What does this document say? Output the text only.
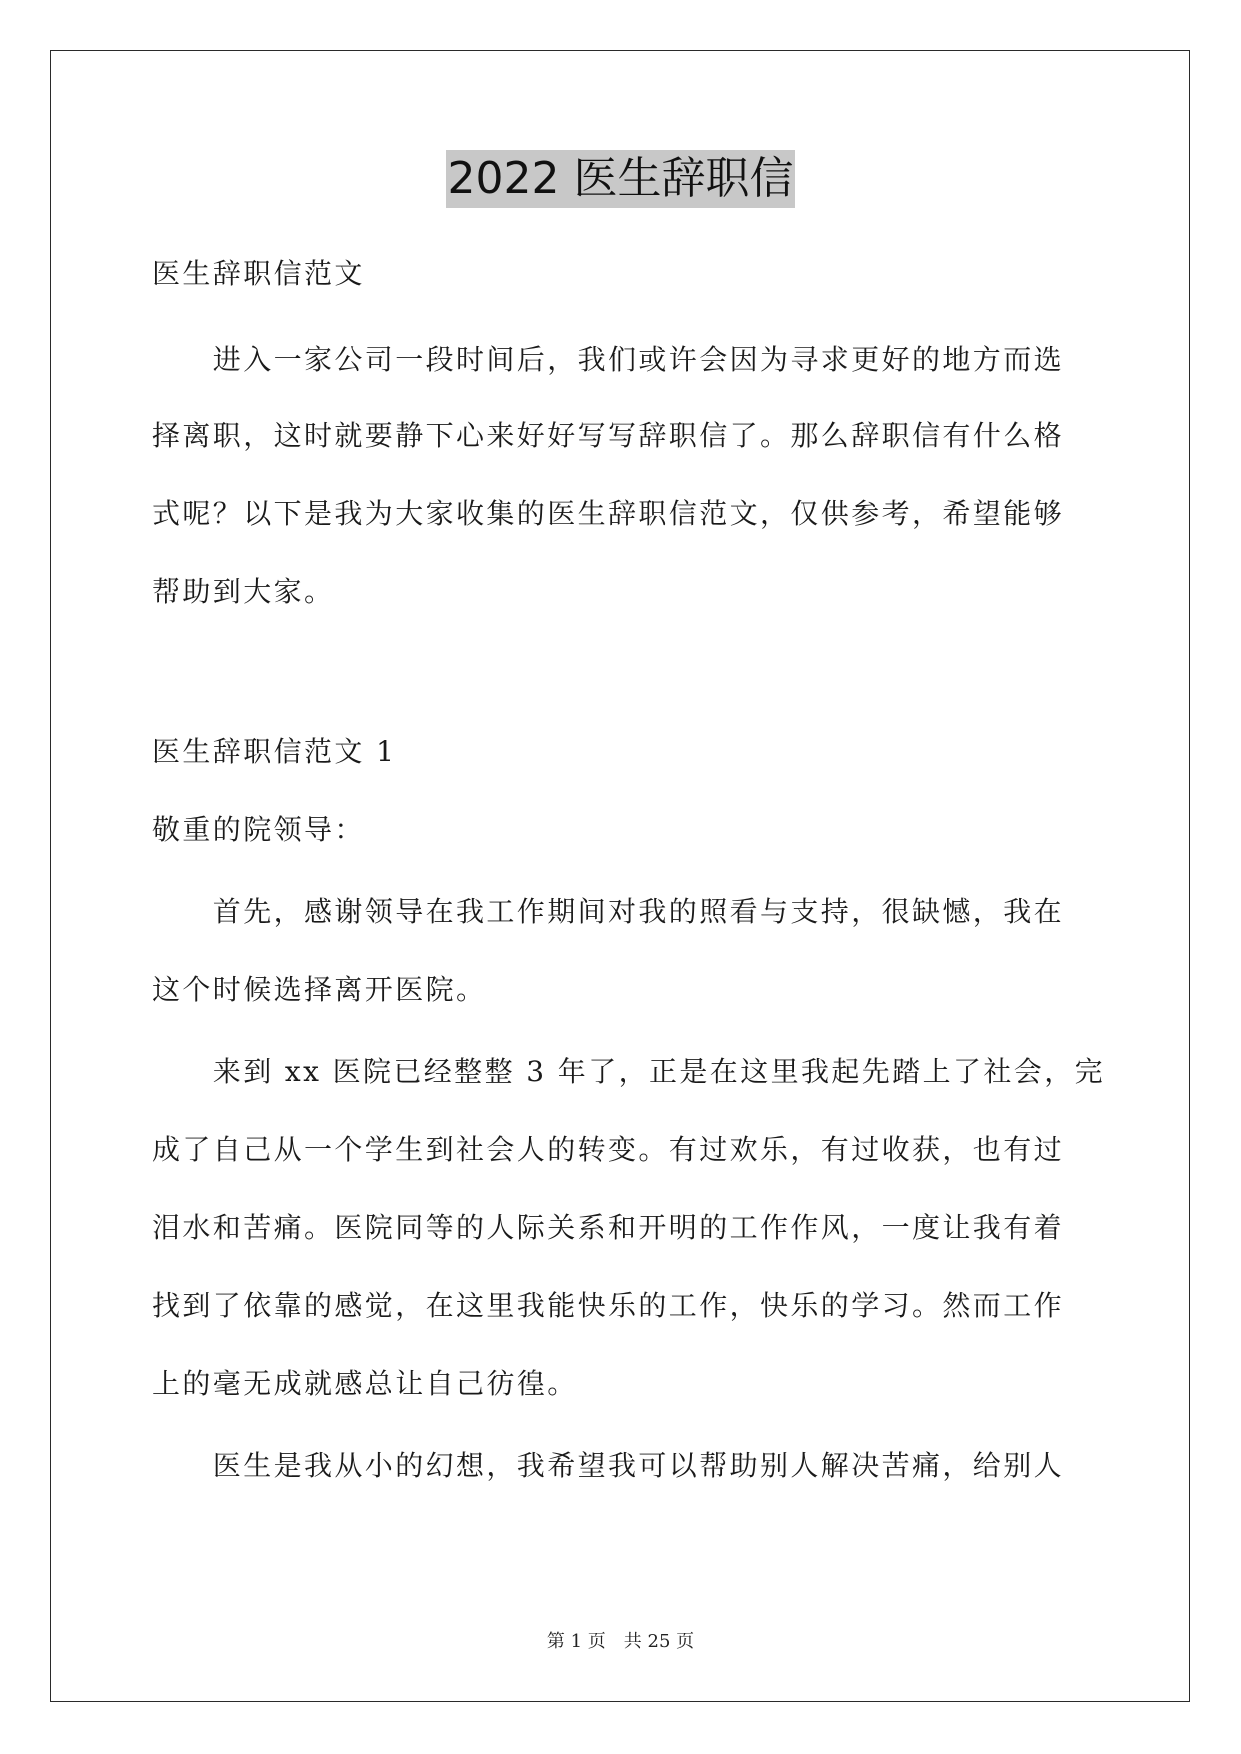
2022 医生辞职信
医生辞职信范文
　　进入一家公司一段时间后，我们或许会因为寻求更好的地方而选
择离职，这时就要静下心来好好写写辞职信了。那么辞职信有什么格
式呢？以下是我为大家收集的医生辞职信范文，仅供参考，希望能够
帮助到大家。
医生辞职信范文 1
敬重的院领导：
　　首先，感谢领导在我工作期间对我的照看与支持，很缺憾，我在
这个时候选择离开医院。
　　来到 xx 医院已经整整 3 年了，正是在这里我起先踏上了社会，完
成了自己从一个学生到社会人的转变。有过欢乐，有过收获，也有过
泪水和苦痛。医院同等的人际关系和开明的工作作风，一度让我有着
找到了依靠的感觉，在这里我能快乐的工作，快乐的学习。然而工作
上的毫无成就感总让自己彷徨。
　　医生是我从小的幻想，我希望我可以帮助别人解决苦痛，给别人
第 1 页 共 25 页
